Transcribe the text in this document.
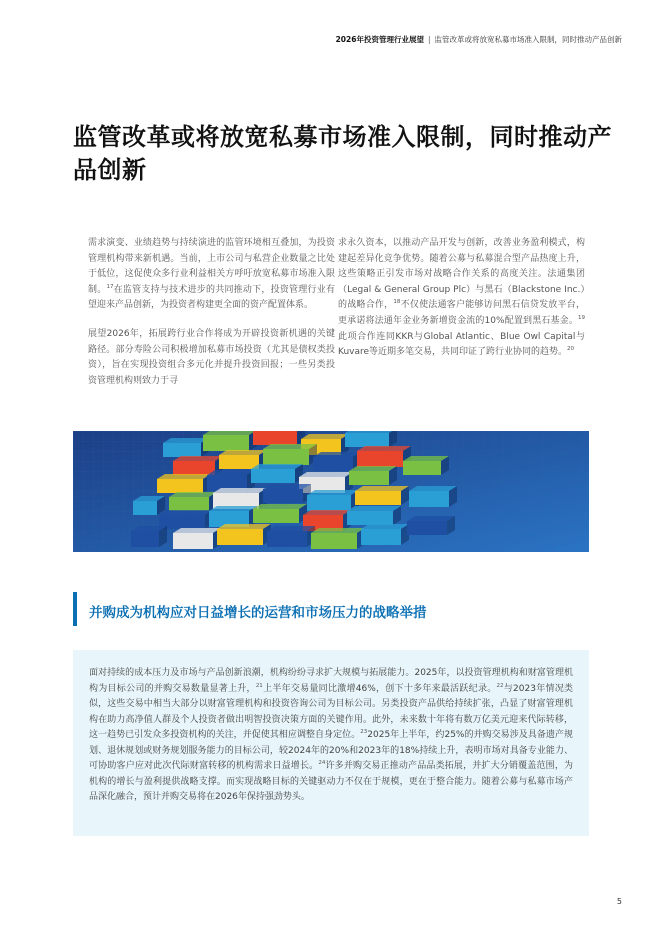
2026年投资管理行业展望 | 监管改革或将放宽私募市场准入限制，同时推动产品创新
监管改革或将放宽私募市场准入限制，同时推动产品创新

需求演变、业绩趋势与持续演进的监管环境相互叠加，为投资管理机构带来新机遇。当前，上市公司与私营企业数量之比处于低位，这促使众多行业利益相关方呼吁放宽私募市场准入限制。$^{17}$在监管支持与技术进步的共同推动下，投资管理行业有望迎来产品创新，为投资者构建更全面的资产配置体系。

展望2026年，拓展跨行业合作将成为开辟投资新机遇的关键路径。部分寿险公司积极增加私募市场投资（尤其是债权类投资），旨在实现投资组合多元化并提升投资回报；一些另类投资管理机构则致力于寻

求永久资本，以推动产品开发与创新，改善业务盈利模式，构建起差异化竞争优势。随着公募与私募混合型产品热度上升，这些策略正引发市场对战略合作关系的高度关注。法通集团（Legal & General Group Plc）与黑石（Blackstone Inc.）的战略合作，$^{18}$不仅使法通客户能够访问黑石信贷发放平台，更承诺将法通年金业务新增资金流的10%配置到黑石基金。$^{19}$此项合作连同KKR与Global Atlantic、Blue Owl Capital与Kuvare等近期多笔交易，共同印证了跨行业协同的趋势。$^{20}$

并购成为机构应对日益增长的运营和市场压力的战略举措
面对持续的成本压力及市场与产品创新浪潮，机构纷纷寻求扩大规模与拓展能力。2025年，以投资管理机构和财富管理机构为目标公司的并购交易数量显著上升，$^{21}$上半年交易量同比激增46%，创下十多年来最活跃纪录。$^{22}$与2023年情况类似，这些交易中相当大部分以财富管理机构和投资咨询公司为目标公司。另类投资产品供给持续扩张，凸显了财富管理机构在助力高净值人群及个人投资者做出明智投资决策方面的关键作用。此外，未来数十年将有数万亿美元迎来代际转移，这一趋势已引发众多投资机构的关注，并促使其相应调整自身定位。$^{23}$2025年上半年，约25%的并购交易涉及具备遗产规划、退休规划或财务规划服务能力的目标公司，较2024年的20%和2023年的18%持续上升，表明市场对具备专业能力、可协助客户应对此次代际财富转移的机构需求日益增长。$^{24}$许多并购交易正推动产品品类拓展，并扩大分销覆盖范围，为机构的增长与盈利提供战略支撑。而实现战略目标的关键驱动力不仅在于规模，更在于整合能力。随着公募与私募市场产品深化融合，预计并购交易将在2026年保持强劲势头。
5
